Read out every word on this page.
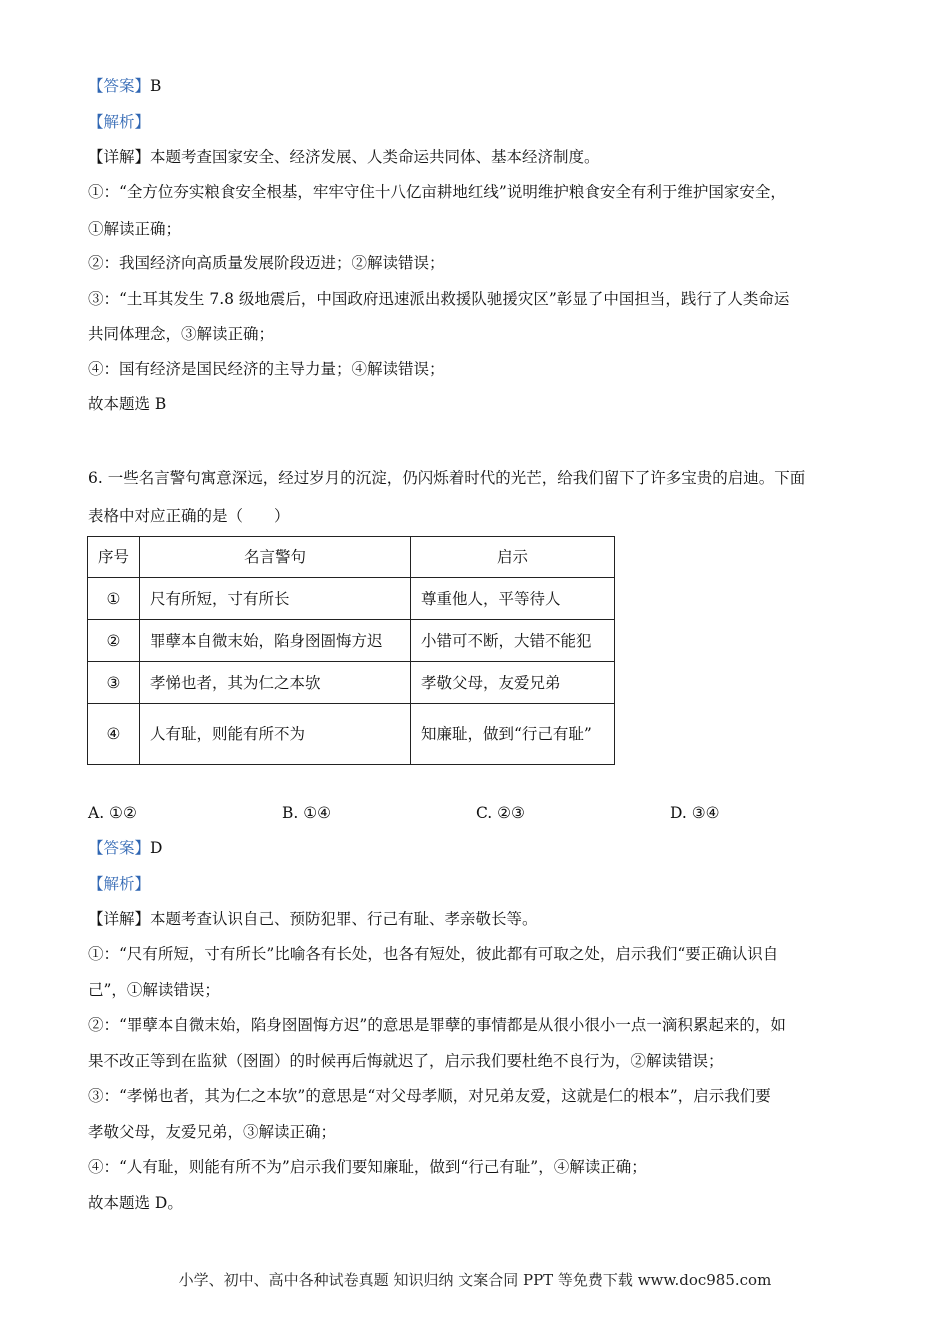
【答案】B
【解析】
【详解】本题考查国家安全、经济发展、人类命运共同体、基本经济制度。
①：“全方位夯实粮食安全根基，牢牢守住十八亿亩耕地红线”说明维护粮食安全有利于维护国家安全，
①解读正确；
②：我国经济向高质量发展阶段迈进；②解读错误；
③：“土耳其发生 7.8 级地震后，中国政府迅速派出救援队驰援灾区”彰显了中国担当，践行了人类命运
共同体理念，③解读正确；
④：国有经济是国民经济的主导力量；④解读错误；
故本题选 B
6. 一些名言警句寓意深远，经过岁月的沉淀，仍闪烁着时代的光芒，给我们留下了许多宝贵的启迪。下面
表格中对应正确的是（　　）
序号	名言警句	启示
①	尺有所短，寸有所长	尊重他人，平等待人
②	罪孽本自微末始，陷身囹圄悔方迟	小错可不断，大错不能犯
③	孝悌也者，其为仁之本欤	孝敬父母，友爱兄弟
④	人有耻，则能有所不为	知廉耻，做到“行己有耻”
A. ①②	B. ①④	C. ②③	D. ③④
【答案】D
【解析】
【详解】本题考查认识自己、预防犯罪、行己有耻、孝亲敬长等。
①：“尺有所短，寸有所长”比喻各有长处，也各有短处，彼此都有可取之处，启示我们“要正确认识自
己”，①解读错误；
②：“罪孽本自微末始，陷身囹圄悔方迟”的意思是罪孽的事情都是从很小很小一点一滴积累起来的，如
果不改正等到在监狱（囹圄）的时候再后悔就迟了，启示我们要杜绝不良行为，②解读错误；
③：“孝悌也者，其为仁之本欤”的意思是“对父母孝顺，对兄弟友爱，这就是仁的根本”，启示我们要
孝敬父母，友爱兄弟，③解读正确；
④：“人有耻，则能有所不为”启示我们要知廉耻，做到“行己有耻”，④解读正确；
故本题选 D。
小学、初中、高中各种试卷真题 知识归纳 文案合同 PPT 等免费下载 www.doc985.com
